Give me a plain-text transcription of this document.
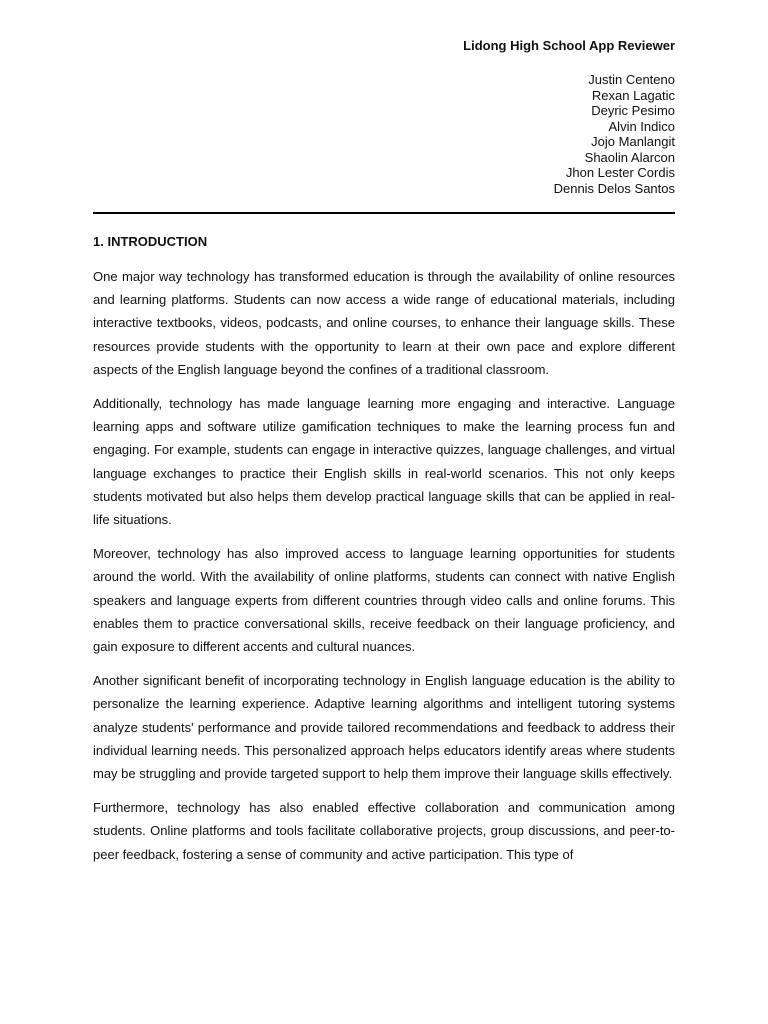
Lidong High School App Reviewer
Justin Centeno
Rexan Lagatic
Deyric Pesimo
Alvin Indico
Jojo Manlangit
Shaolin Alarcon
Jhon Lester Cordis
Dennis Delos Santos
1. INTRODUCTION

One major way technology has transformed education is through the availability of online resources and learning platforms. Students can now access a wide range of educational materials, including interactive textbooks, videos, podcasts, and online courses, to enhance their language skills. These resources provide students with the opportunity to learn at their own pace and explore different aspects of the English language beyond the confines of a traditional classroom.

Additionally, technology has made language learning more engaging and interactive. Language learning apps and software utilize gamification techniques to make the learning process fun and engaging. For example, students can engage in interactive quizzes, language challenges, and virtual language exchanges to practice their English skills in real-world scenarios. This not only keeps students motivated but also helps them develop practical language skills that can be applied in real-life situations.

Moreover, technology has also improved access to language learning opportunities for students around the world. With the availability of online platforms, students can connect with native English speakers and language experts from different countries through video calls and online forums. This enables them to practice conversational skills, receive feedback on their language proficiency, and gain exposure to different accents and cultural nuances.

Another significant benefit of incorporating technology in English language education is the ability to personalize the learning experience. Adaptive learning algorithms and intelligent tutoring systems analyze students' performance and provide tailored recommendations and feedback to address their individual learning needs. This personalized approach helps educators identify areas where students may be struggling and provide targeted support to help them improve their language skills effectively.

Furthermore, technology has also enabled effective collaboration and communication among students. Online platforms and tools facilitate collaborative projects, group discussions, and peer-to-peer feedback, fostering a sense of community and active participation. This type of
